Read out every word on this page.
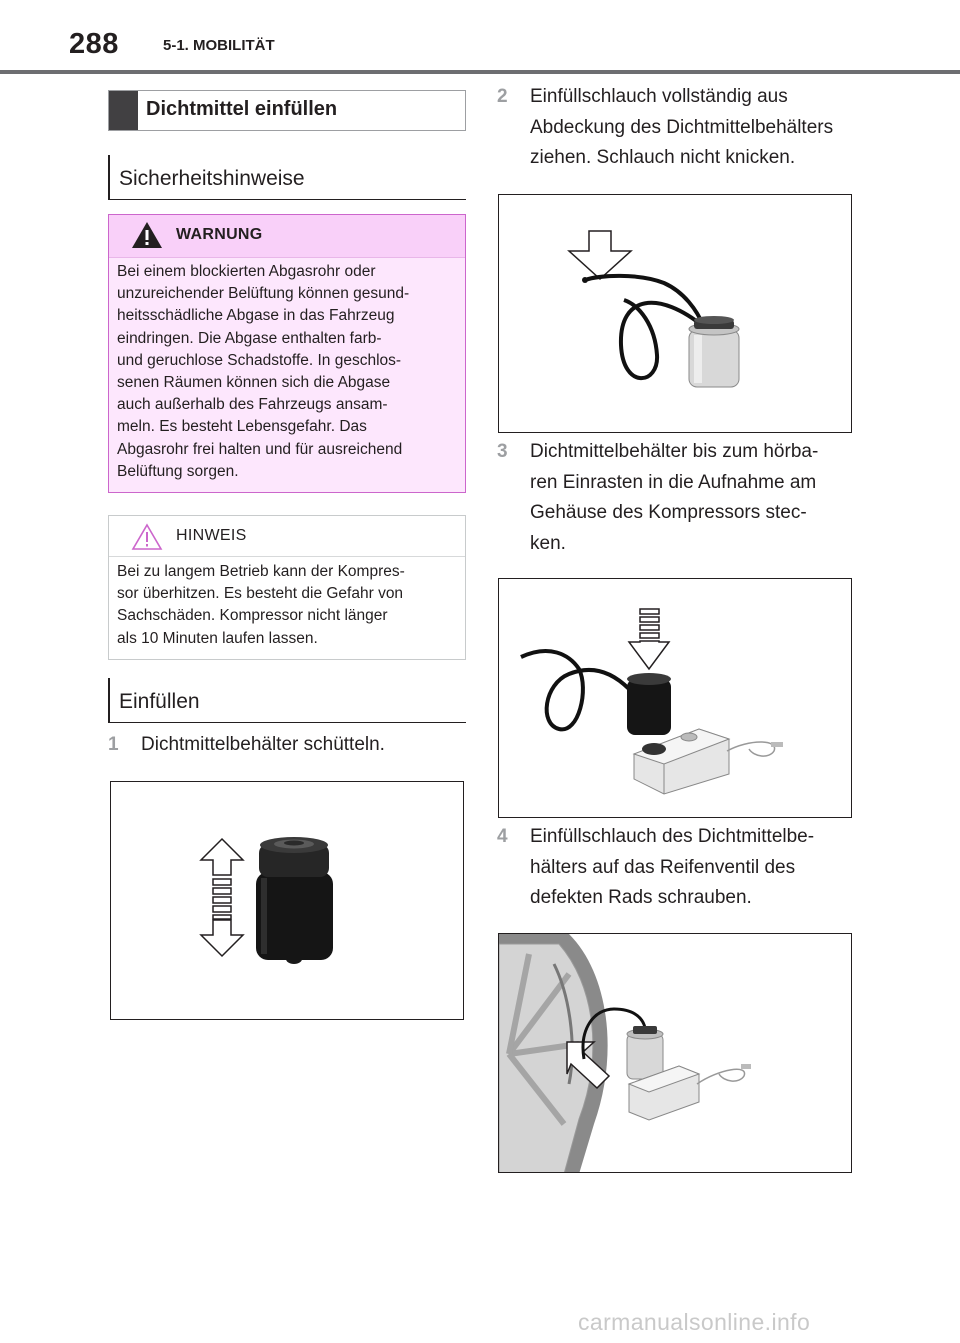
288	5-1. MOBILITÄT
Dichtmittel einfüllen
Sicherheitshinweise
WARNUNG
Bei einem blockierten Abgasrohr oder
unzureichender Belüftung können gesund-
heitsschädliche Abgase in das Fahrzeug
eindringen. Die Abgase enthalten farb-
und geruchlose Schadstoffe. In geschlos-
senen Räumen können sich die Abgase
auch außerhalb des Fahrzeugs ansam-
meln. Es besteht Lebensgefahr. Das
Abgasrohr frei halten und für ausreichend
Belüftung sorgen.
HINWEIS
Bei zu langem Betrieb kann der Kompres-
sor überhitzen. Es besteht die Gefahr von
Sachschäden. Kompressor nicht länger
als 10 Minuten laufen lassen.
Einfüllen
1 Dichtmittelbehälter schütteln.
2 Einfüllschlauch vollständig aus
Abdeckung des Dichtmittelbehälters
ziehen. Schlauch nicht knicken.
3 Dichtmittelbehälter bis zum hörba-
ren Einrasten in die Aufnahme am
Gehäuse des Kompressors stec-
ken.
4 Einfüllschlauch des Dichtmittelbe-
hälters auf das Reifenventil des
defekten Rads schrauben.
carmanualsonline.info
